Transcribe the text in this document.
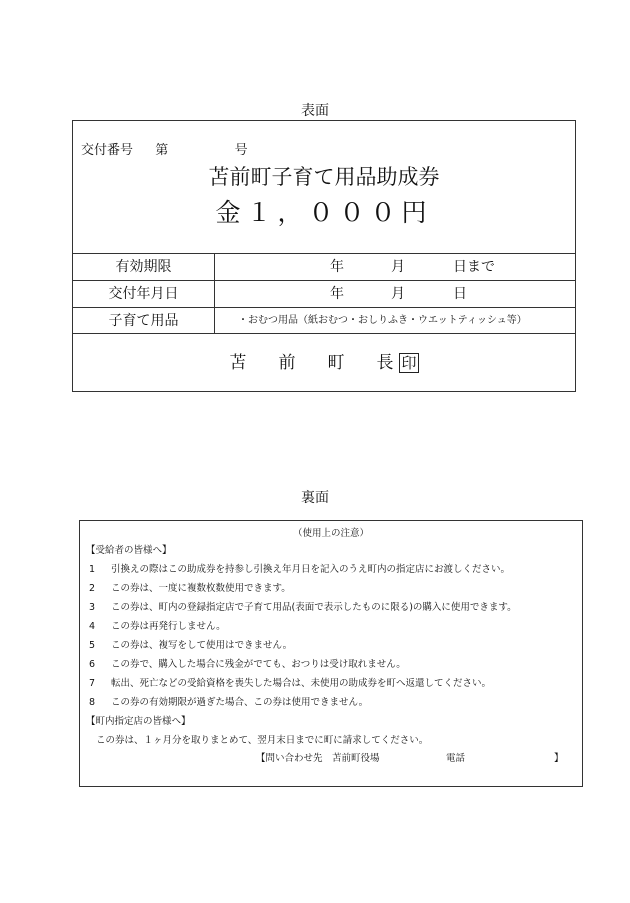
表面
交付番号 第	号
苫前町子育て用品助成券
金１，０００円
有効期限	年	月	日まで
交付年月日	年	月	日
子育て用品	・おむつ用品（紙おむつ・おしりふき・ウエットティッシュ等）
苫 前 町 長 印
裏面
（使用上の注意）
【受給者の皆様へ】
1 引換えの際はこの助成券を持参し引換え年月日を記入のうえ町内の指定店にお渡しください。
2 この券は、一度に複数枚数使用できます。
3 この券は、町内の登録指定店で子育て用品(表面で表示したものに限る)の購入に使用できます。
4 この券は再発行しません。
5 この券は、複写をして使用はできません。
6 この券で、購入した場合に残金がでても、おつりは受け取れません。
7 転出、死亡などの受給資格を喪失した場合は、未使用の助成券を町へ返還してください。
8 この券の有効期限が過ぎた場合、この券は使用できません。
【町内指定店の皆様へ】
この券は、１ヶ月分を取りまとめて、翌月末日までに町に請求してください。
【問い合わせ先　苫前町役場	電話	】
